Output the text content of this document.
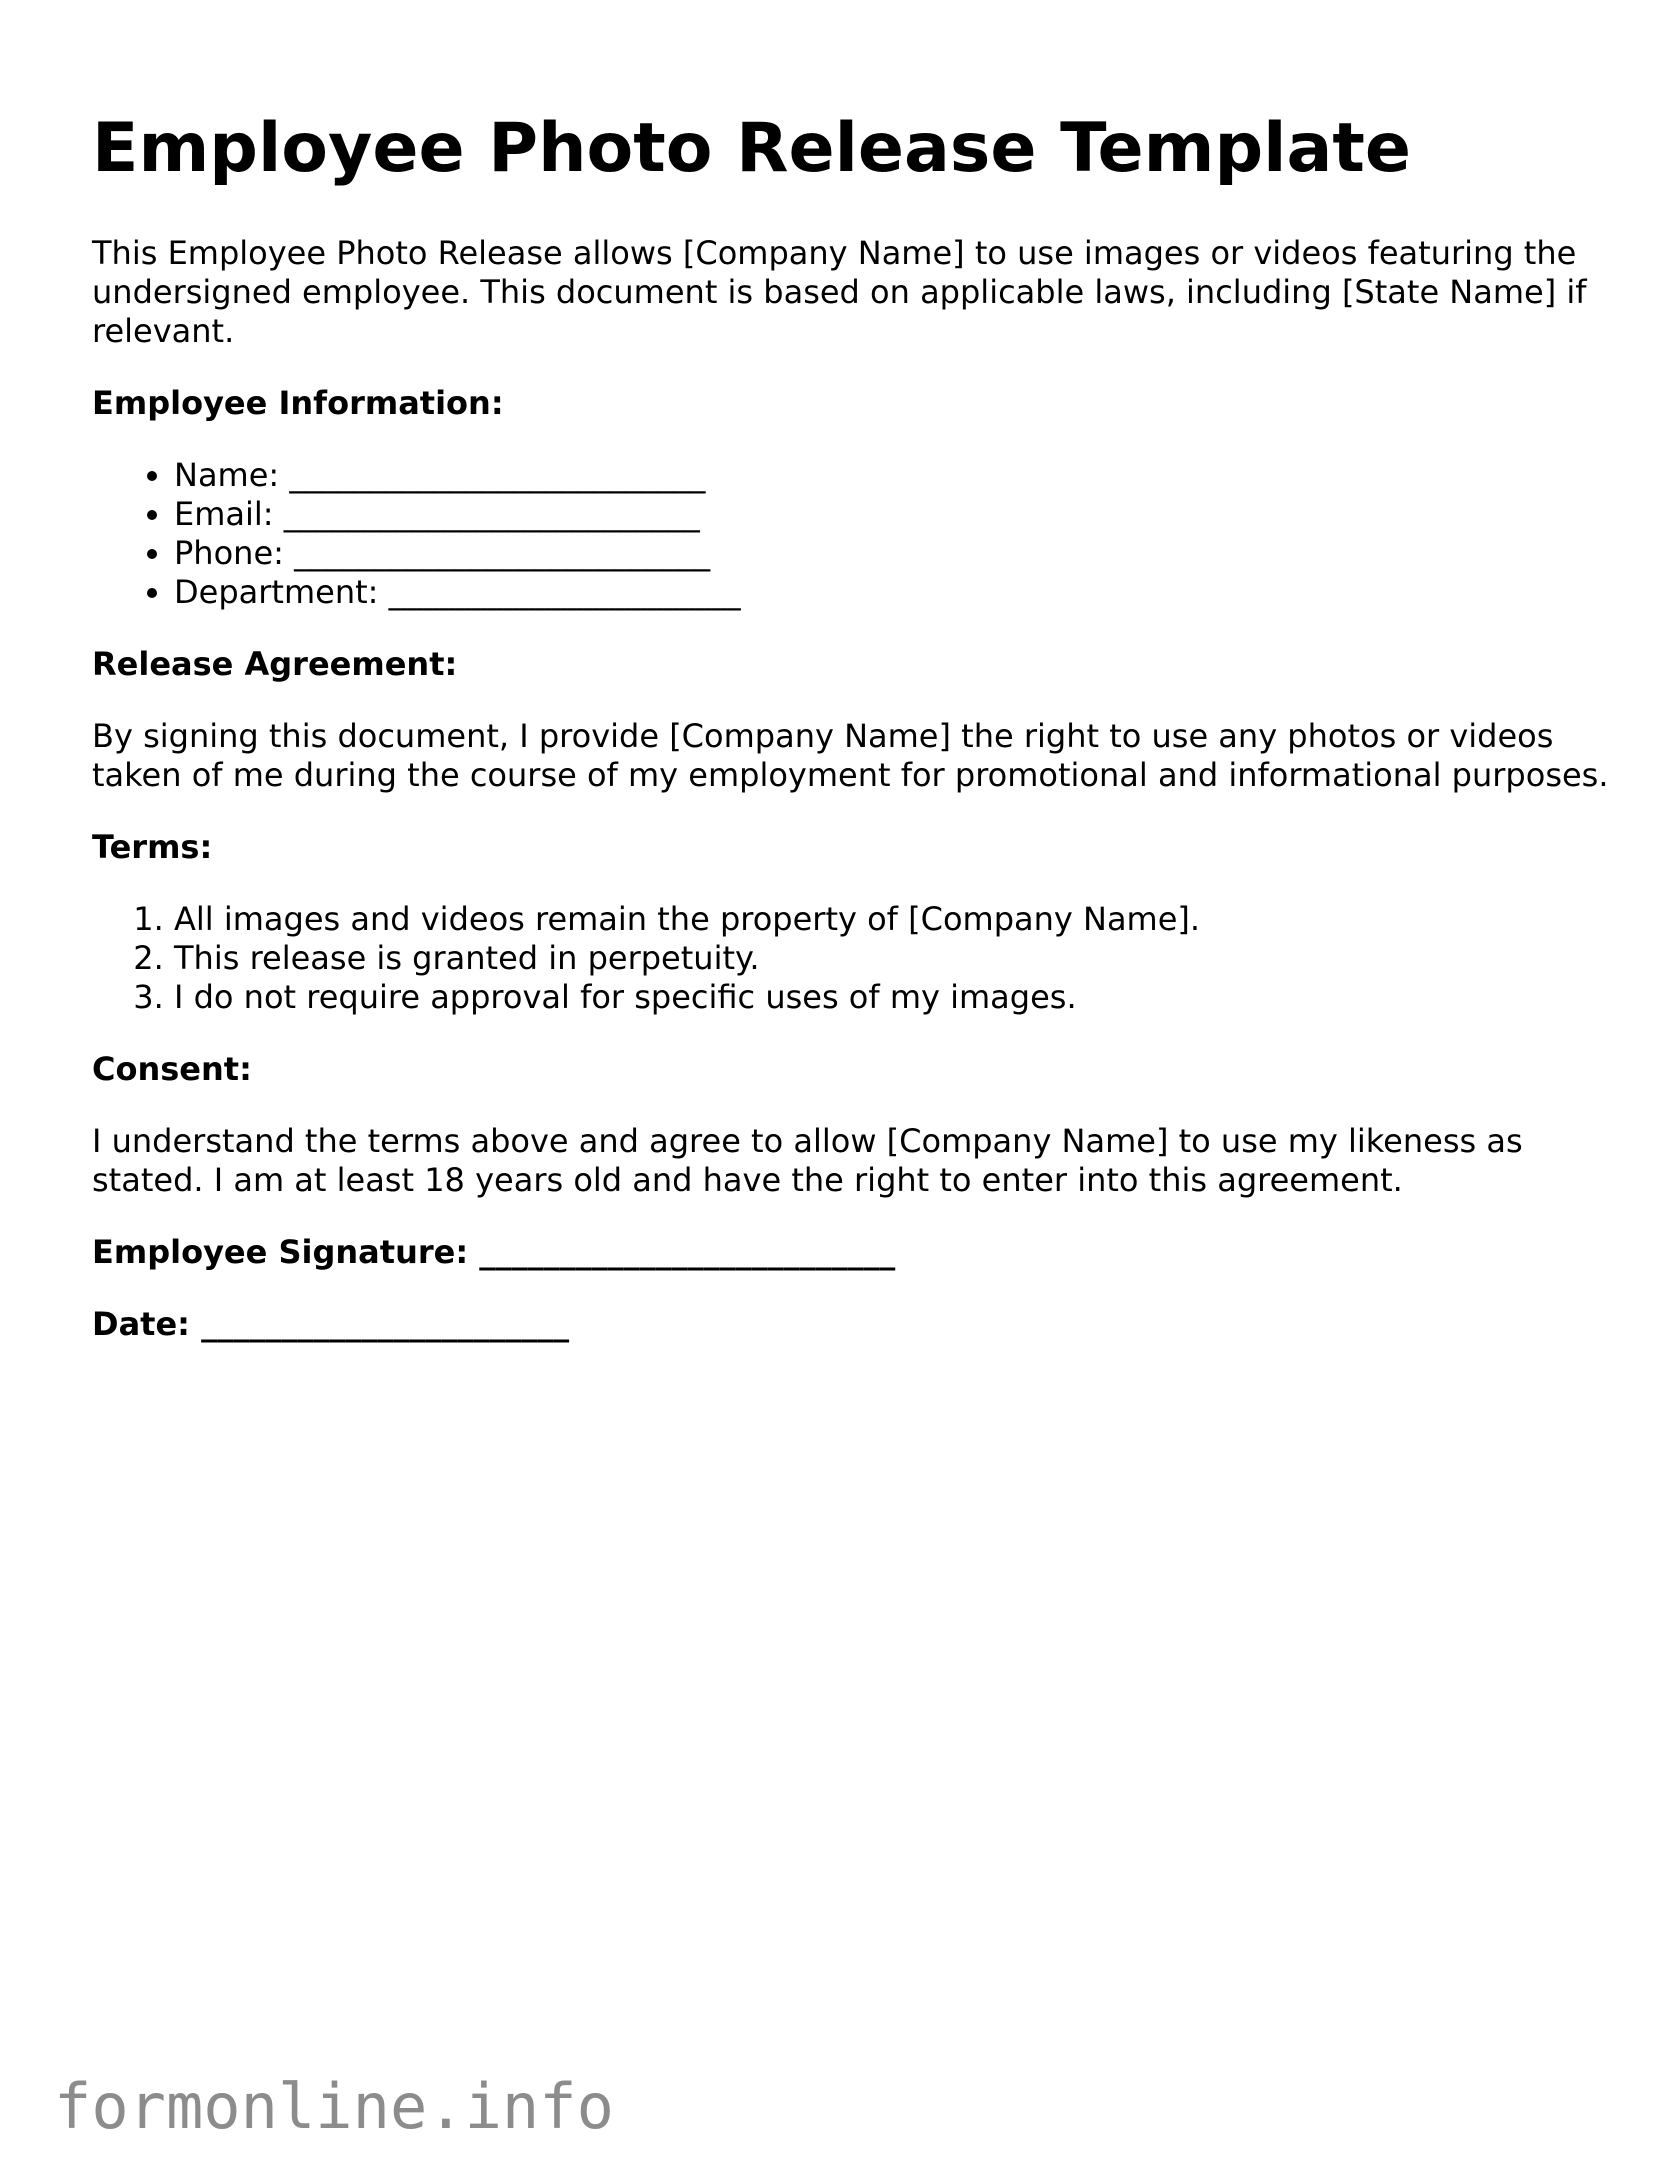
Employee Photo Release Template

This Employee Photo Release allows [Company Name] to use images or videos featuring the undersigned employee. This document is based on applicable laws, including [State Name] if relevant.

Employee Information:
• Name: __________________________
• Email: __________________________
• Phone: __________________________
• Department: ______________________
Release Agreement:

By signing this document, I provide [Company Name] the right to use any photos or videos taken of me during the course of my employment for promotional and informational purposes.

Terms:
1. All images and videos remain the property of [Company Name].
2. This release is granted in perpetuity.
3. I do not require approval for specific uses of my images.
Consent:

I understand the terms above and agree to allow [Company Name] to use my likeness as stated. I am at least 18 years old and have the right to enter into this agreement.

Employee Signature: __________________________
Date: _______________________
formonline.info
